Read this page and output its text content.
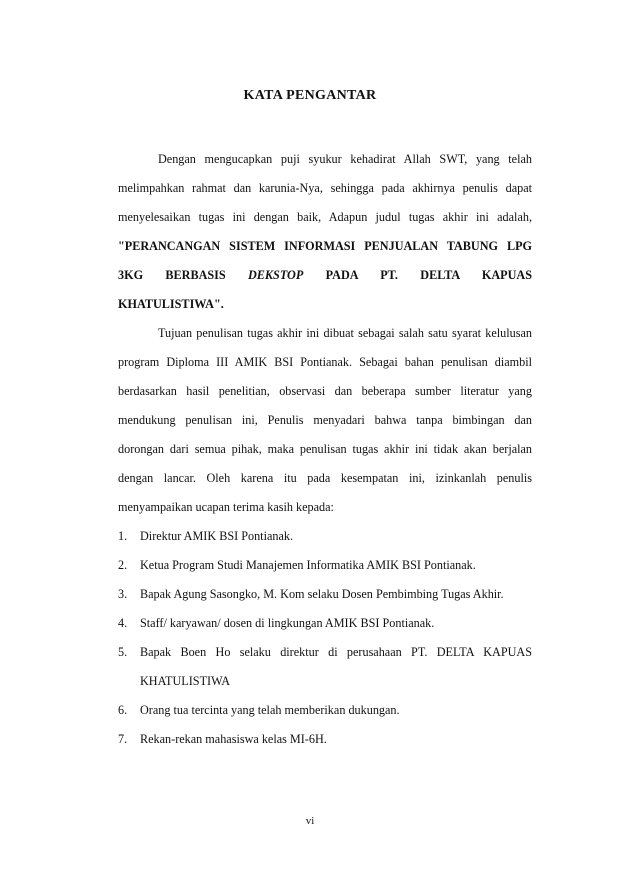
KATA PENGANTAR
Dengan mengucapkan puji syukur kehadirat Allah SWT, yang telah
melimpahkan rahmat dan karunia-Nya, sehingga pada akhirnya penulis dapat
menyelesaikan tugas ini dengan baik, Adapun judul tugas akhir ini adalah,
"PERANCANGAN SISTEM INFORMASI PENJUALAN TABUNG LPG
3KG BERBASIS DEKSTOP PADA PT. DELTA KAPUAS
KHATULISTIWA".
Tujuan penulisan tugas akhir ini dibuat sebagai salah satu syarat kelulusan
program Diploma III AMIK BSI Pontianak. Sebagai bahan penulisan diambil
berdasarkan hasil penelitian, observasi dan beberapa sumber literatur yang
mendukung penulisan ini, Penulis menyadari bahwa tanpa bimbingan dan
dorongan dari semua pihak, maka penulisan tugas akhir ini tidak akan berjalan
dengan lancar. Oleh karena itu pada kesempatan ini, izinkanlah penulis
menyampaikan ucapan terima kasih kepada:
1.	Direktur AMIK BSI Pontianak.
2.	Ketua Program Studi Manajemen Informatika AMIK BSI Pontianak.
3.	Bapak Agung Sasongko, M. Kom selaku Dosen Pembimbing Tugas Akhir.
4.	Staff/ karyawan/ dosen di lingkungan AMIK BSI Pontianak.
5.	Bapak Boen Ho selaku direktur di perusahaan PT. DELTA KAPUAS
KHATULISTIWA
6.	Orang tua tercinta yang telah memberikan dukungan.
7.	Rekan-rekan mahasiswa kelas MI-6H.
vi
